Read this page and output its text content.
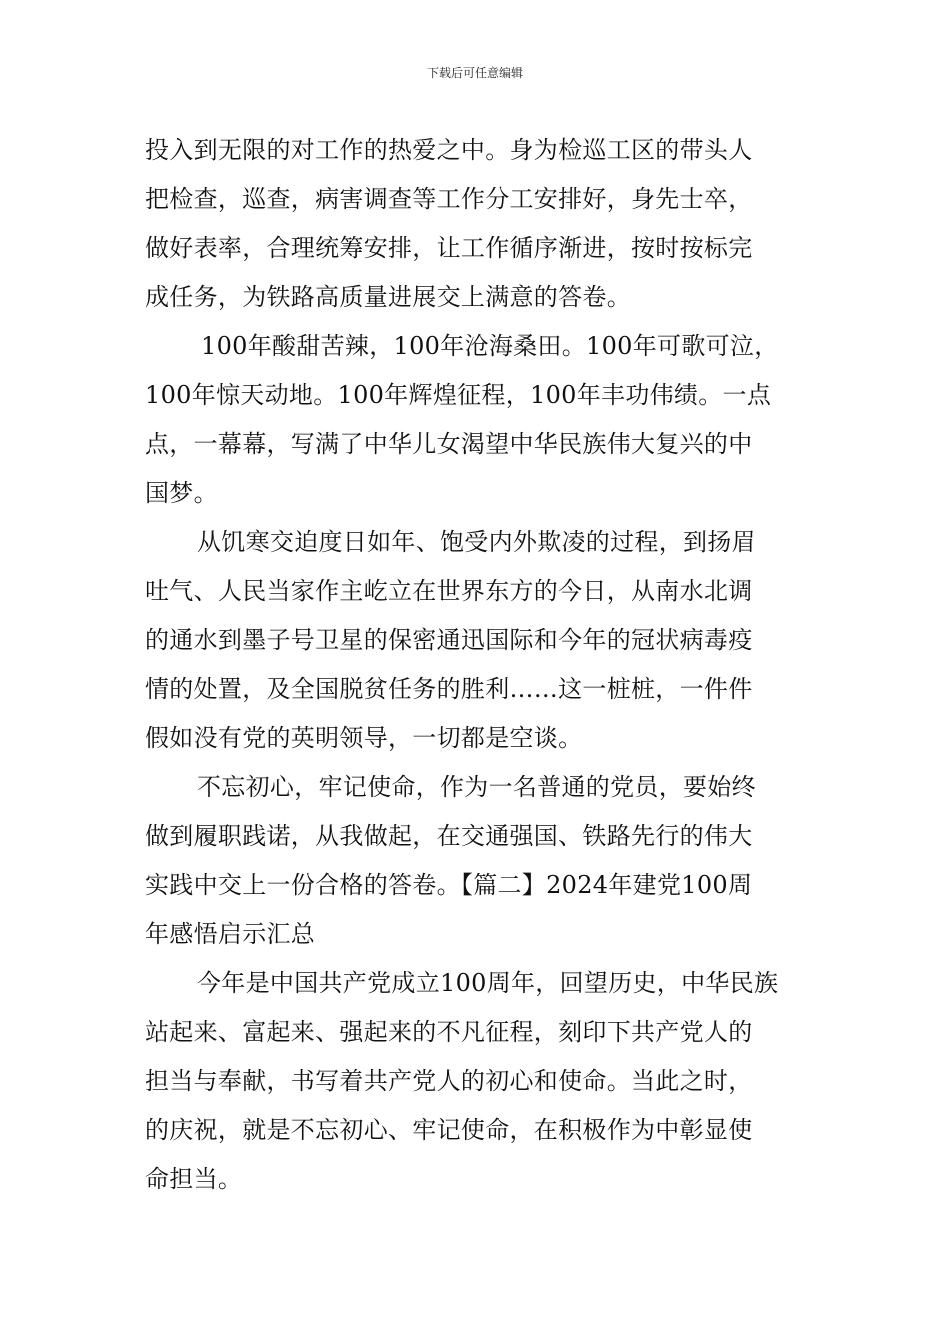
下载后可任意编辑
投入到无限的对工作的热爱之中。身为检巡工区的带头人
把检查，巡查，病害调查等工作分工安排好，身先士卒，
做好表率，合理统筹安排，让工作循序渐进，按时按标完
成任务，为铁路高质量进展交上满意的答卷。
100年酸甜苦辣，100年沧海桑田。100年可歌可泣，
100年惊天动地。100年辉煌征程，100年丰功伟绩。一点
点，一幕幕，写满了中华儿女渴望中华民族伟大复兴的中
国梦。
从饥寒交迫度日如年、饱受内外欺凌的过程，到扬眉
吐气、人民当家作主屹立在世界东方的今日，从南水北调
的通水到墨子号卫星的保密通迅国际和今年的冠状病毒疫
情的处置，及全国脱贫任务的胜利……这一桩桩，一件件
假如没有党的英明领导，一切都是空谈。
不忘初心，牢记使命，作为一名普通的党员，要始终
做到履职践诺，从我做起，在交通强国、铁路先行的伟大
实践中交上一份合格的答卷。【篇二】2024年建党100周
年感悟启示汇总
今年是中国共产党成立100周年，回望历史，中华民族
站起来、富起来、强起来的不凡征程，刻印下共产党人的
担当与奉献，书写着共产党人的初心和使命。当此之时，
的庆祝，就是不忘初心、牢记使命，在积极作为中彰显使
命担当。
